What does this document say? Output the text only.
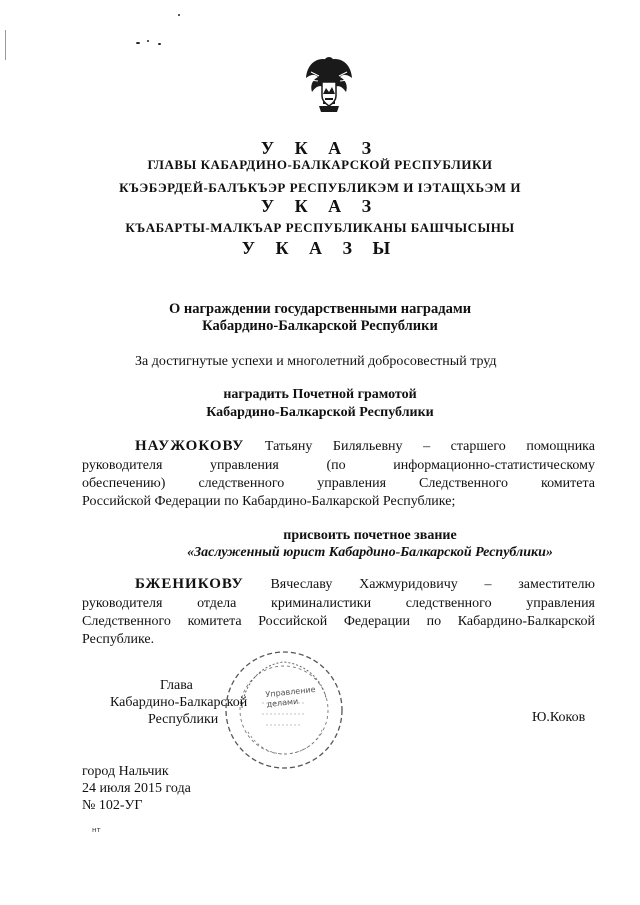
У К А З
ГЛАВЫ КАБАРДИНО-БАЛКАРСКОЙ РЕСПУБЛИКИ
КЪЭБЭРДЕЙ-БАЛЪКЪЭР РЕСПУБЛИКЭМ И ІЭТАЩХЬЭМ И
У К А З
КЪАБАРТЫ-МАЛКЪАР РЕСПУБЛИКАНЫ БАШЧЫСЫНЫ
У К А З Ы
О награждении государственными наградами
Кабардино-Балкарской Республики
За достигнутые успехи и многолетний добросовестный труд
наградить Почетной грамотой
Кабардино-Балкарской Республики
НАУЖОКОВУ Татьяну Биляльевну – старшего помощника
руководителя управления (по информационно-статистическому
обеспечению) следственного управления Следственного комитета
Российской Федерации по Кабардино-Балкарской Республике;
присвоить почетное звание
«Заслуженный юрист Кабардино-Балкарской Республики»
БЖЕНИКОВУ Вячеславу Хажмуридовичу – заместителю
руководителя отдела криминалистики следственного управления
Следственного комитета Российской Федерации по Кабардино-Балкарской
Республике.
Управление делами
Глава
Кабардино-Балкарской
Республики	Ю.Коков
город Нальчик
24 июля 2015 года
№ 102-УГ
нт
